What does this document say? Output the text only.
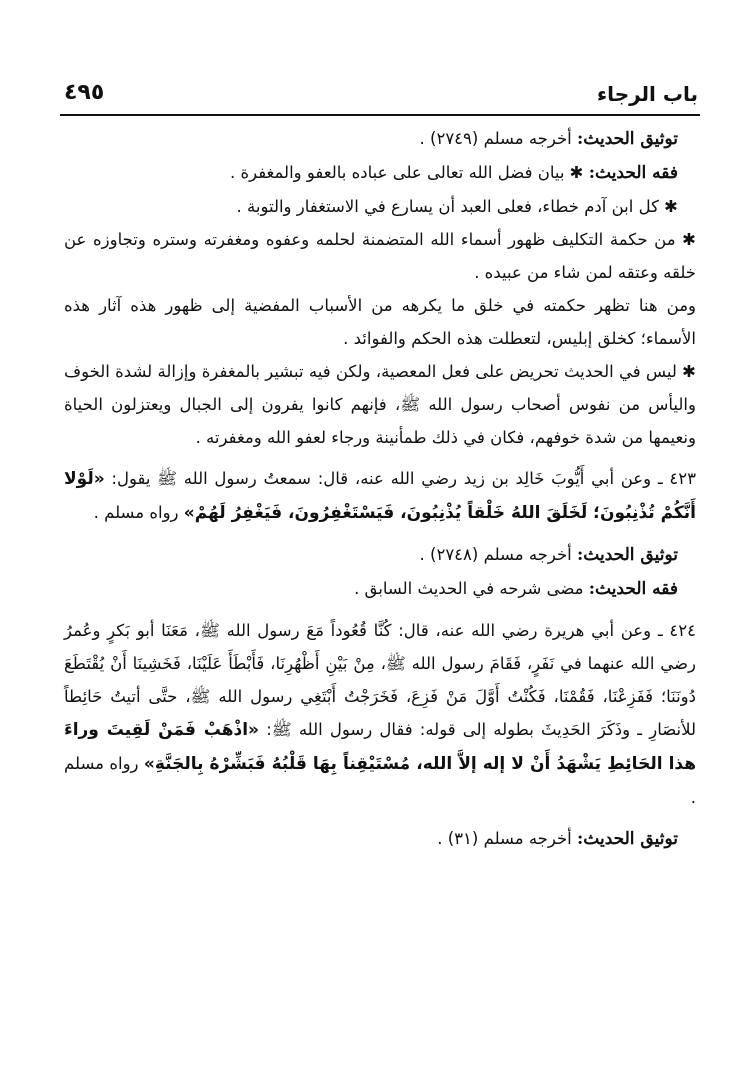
باب الرجاء
٤٩٥

توثيق الحديث: أخرجه مسلم (٢٧٤٩) .

فقه الحديث: ✱ بيان فضل الله تعالى على عباده بالعفو والمغفرة .

✱ كل ابن آدم خطاء، فعلى العبد أن يسارع في الاستغفار والتوبة .

✱ من حكمة التكليف ظهور أسماء الله المتضمنة لحلمه وعفوه ومغفرته وستره وتجاوزه عن خلقه وعتقه لمن شاء من عبيده .

ومن هنا تظهر حكمته في خلق ما يكرهه من الأسباب المفضية إلى ظهور هذه آثار هذه الأسماء؛ كخلق إبليس، لتعطلت هذه الحكم والفوائد .

✱ ليس في الحديث تحريض على فعل المعصية، ولكن فيه تبشير بالمغفرة وإزالة لشدة الخوف واليأس من نفوس أصحاب رسول الله ﷺ، فإنهم كانوا يفرون إلى الجبال ويعتزلون الحياة ونعيمها من شدة خوفهم، فكان في ذلك طمأنينة ورجاء لعفو الله ومغفرته .

٤٢٣ ـ وعن أبي أَيُّوبَ خَالِد بن زيد رضي الله عنه، قال: سمعتُ رسول الله ﷺ يقول: «لَوْلا أَنَّكُمْ تُذْنِبُونَ؛ لَخَلَقَ اللهُ خَلْقاً يُذْنِبُونَ، فَيَسْتَغْفِرُونَ، فَيَغْفِرُ لَهُمْ» رواه مسلم .

توثيق الحديث: أخرجه مسلم (٢٧٤٨) .

فقه الحديث: مضى شرحه في الحديث السابق .

٤٢٤ ـ وعن أبي هريرة رضي الله عنه، قال: كُنَّا قُعُوداً مَعَ رسول الله ﷺ، مَعَنَا أبو بَكرٍ وعُمرُ رضي الله عنهما في نَفَرٍ، فَقَامَ رسول الله ﷺ، مِنْ بَيْنِ أَظْهُرِنَا، فَأَبْطَأَ عَلَيْنَا، فَخَشِينَا أَنْ يُقْتَطَعَ دُونَنَا؛ فَفَزِعْنَا، فَقُمْنَا، فَكُنْتُ أَوَّلَ مَنْ فَزِعَ، فَخَرَجْتُ أَبْتَغِي رسول الله ﷺ، حتَّى أتيتُ حَائِطاً للأنصَارِ ـ وذَكَرَ الحَدِيثَ بطوله إلى قوله: فقال رسول الله ﷺ: «اذْهَبْ فَمَنْ لَقِيتَ وراءَ هذا الحَائِطِ يَشْهَدُ أَنْ لا إله إلاَّ الله، مُسْتَيْقِناً بِهَا قَلْبُهُ فَبَشِّرْهُ بِالجَنَّةِ» رواه مسلم .

توثيق الحديث: أخرجه مسلم (٣١) .
